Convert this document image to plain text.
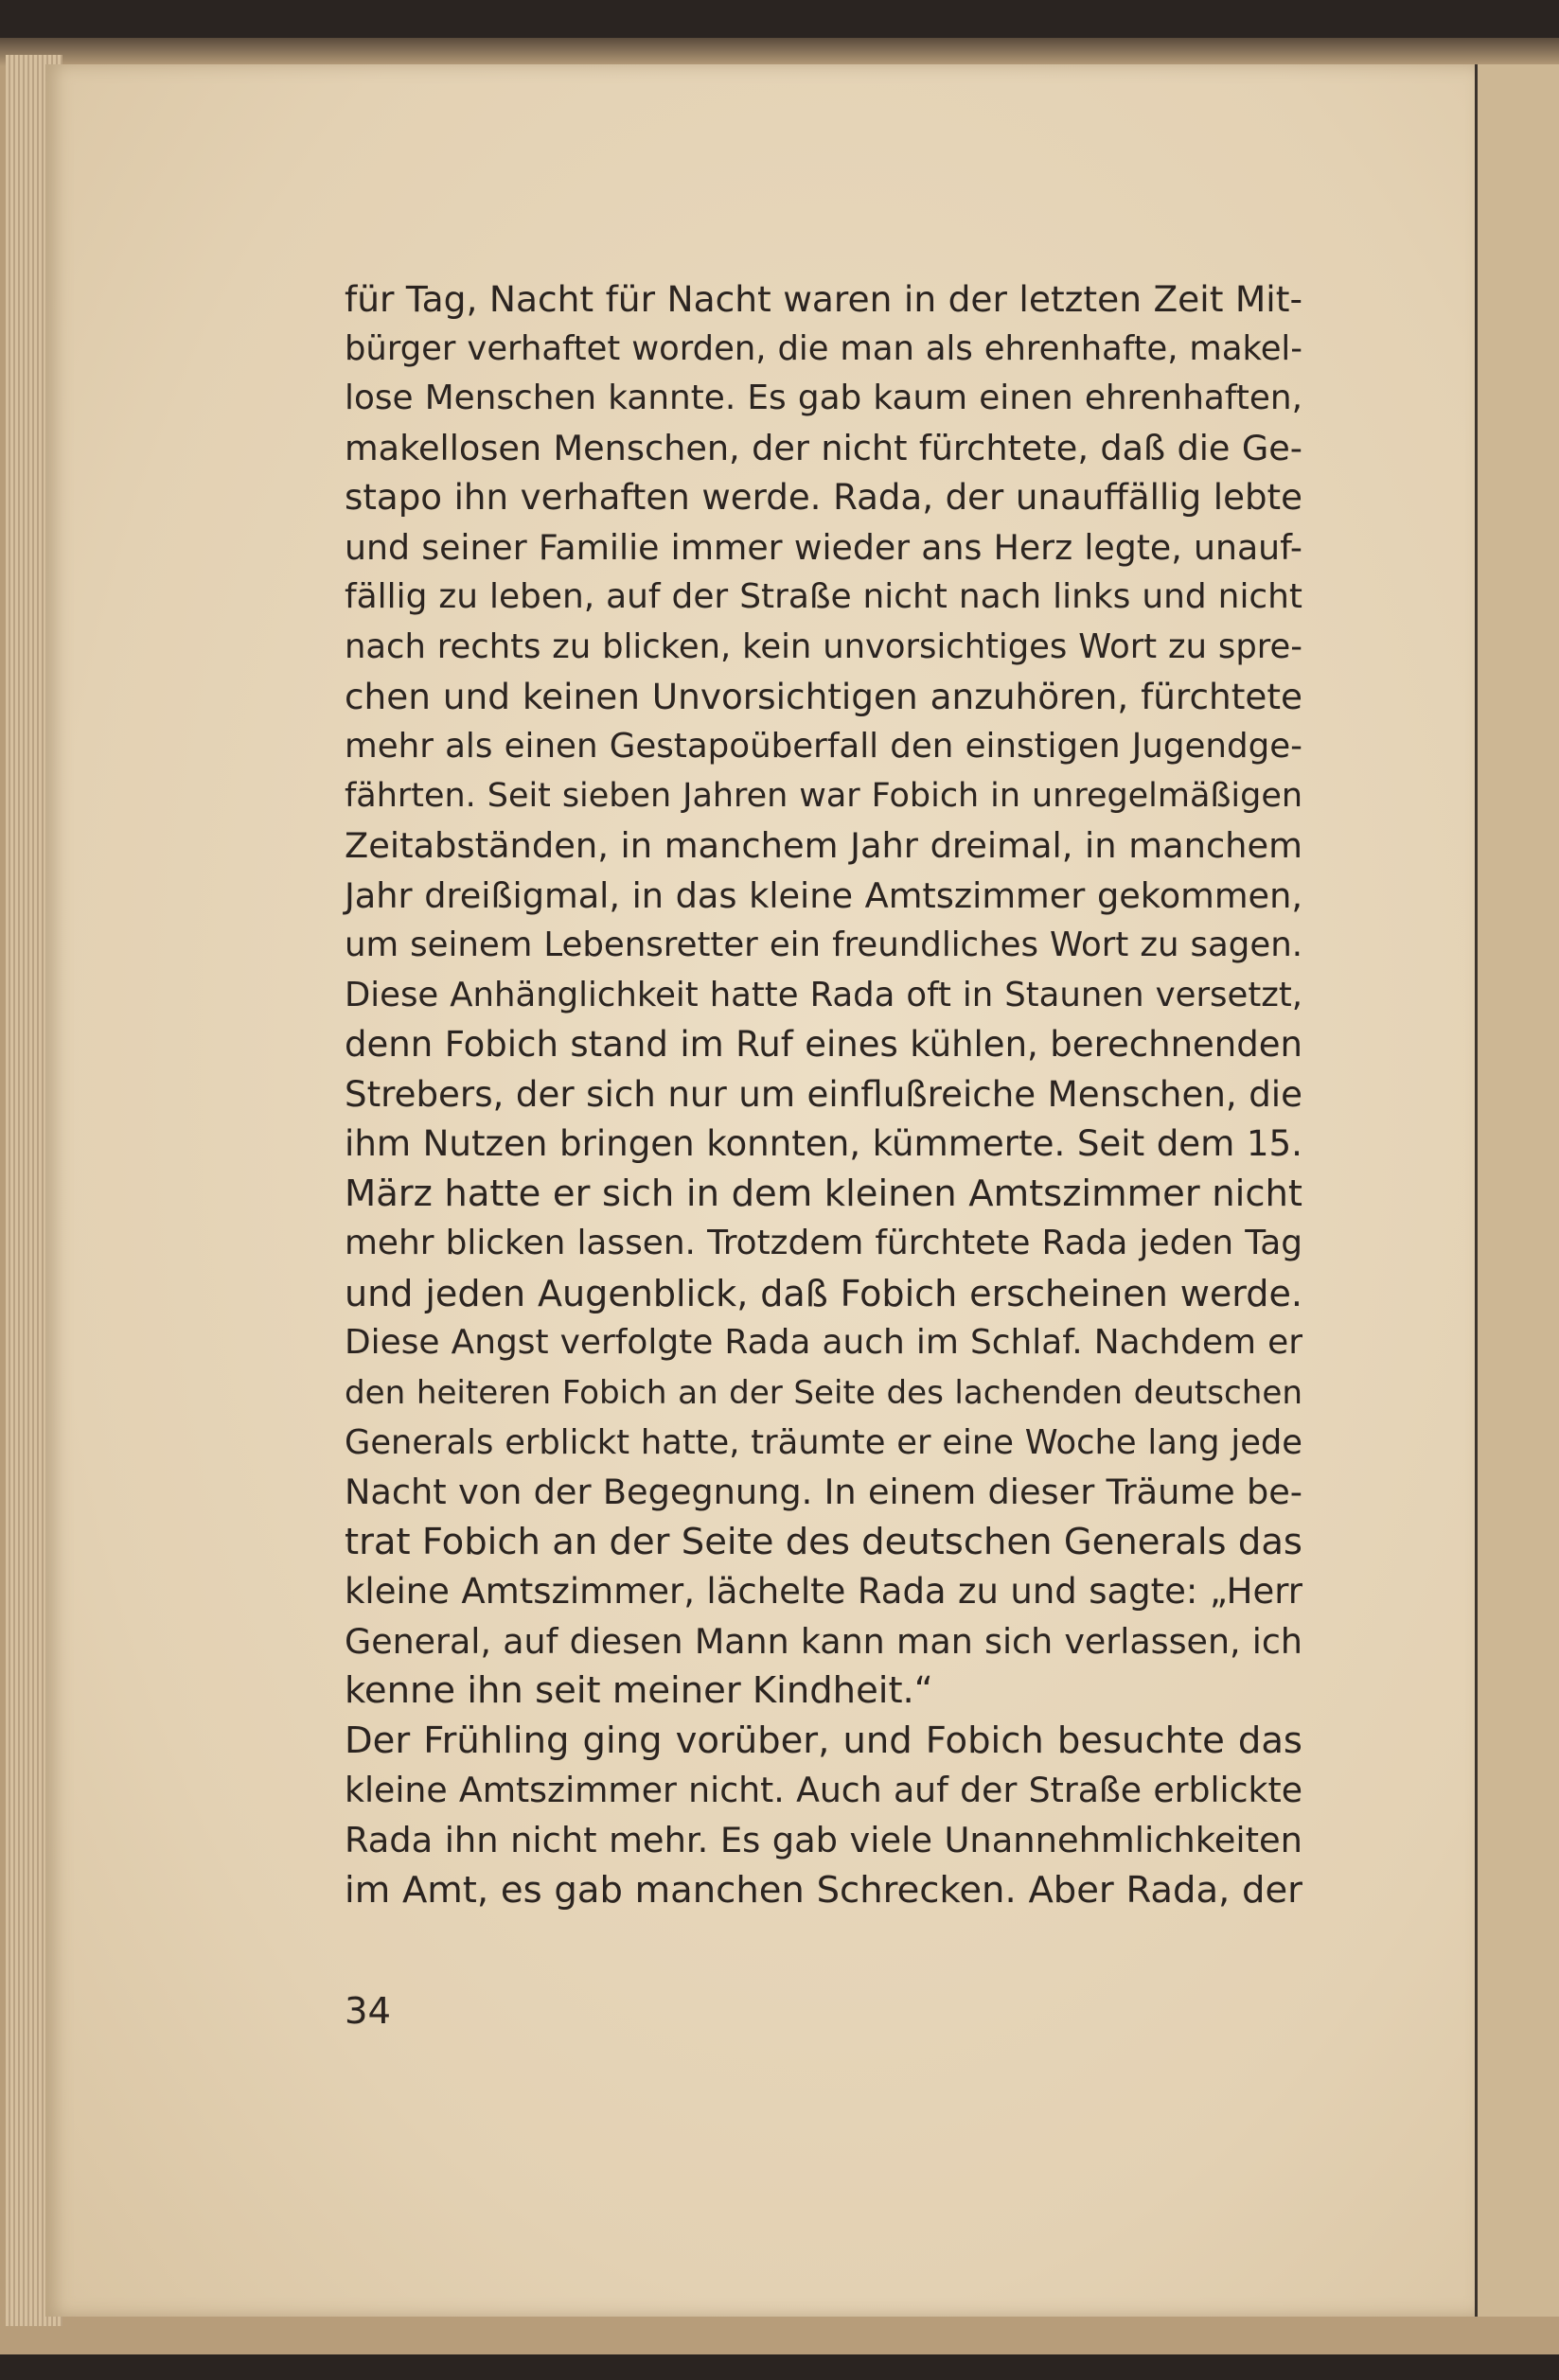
für Tag, Nacht für Nacht waren in der letzten Zeit Mit-
bürger verhaftet worden, die man als ehrenhafte, makel-
lose Menschen kannte. Es gab kaum einen ehrenhaften,
makellosen Menschen, der nicht fürchtete, daß die Ge-
stapo ihn verhaften werde. Rada, der unauffällig lebte
und seiner Familie immer wieder ans Herz legte, unauf-
fällig zu leben, auf der Straße nicht nach links und nicht
nach rechts zu blicken, kein unvorsichtiges Wort zu spre-
chen und keinen Unvorsichtigen anzuhören, fürchtete
mehr als einen Gestapoüberfall den einstigen Jugendge-
fährten. Seit sieben Jahren war Fobich in unregelmäßigen
Zeitabständen, in manchem Jahr dreimal, in manchem
Jahr dreißigmal, in das kleine Amtszimmer gekommen,
um seinem Lebensretter ein freundliches Wort zu sagen.
Diese Anhänglichkeit hatte Rada oft in Staunen versetzt,
denn Fobich stand im Ruf eines kühlen, berechnenden
Strebers, der sich nur um einflußreiche Menschen, die
ihm Nutzen bringen konnten, kümmerte. Seit dem 15.
März hatte er sich in dem kleinen Amtszimmer nicht
mehr blicken lassen. Trotzdem fürchtete Rada jeden Tag
und jeden Augenblick, daß Fobich erscheinen werde.
Diese Angst verfolgte Rada auch im Schlaf. Nachdem er
den heiteren Fobich an der Seite des lachenden deutschen
Generals erblickt hatte, träumte er eine Woche lang jede
Nacht von der Begegnung. In einem dieser Träume be-
trat Fobich an der Seite des deutschen Generals das
kleine Amtszimmer, lächelte Rada zu und sagte: „Herr
General, auf diesen Mann kann man sich verlassen, ich
kenne ihn seit meiner Kindheit.“
Der Frühling ging vorüber, und Fobich besuchte das
kleine Amtszimmer nicht. Auch auf der Straße erblickte
Rada ihn nicht mehr. Es gab viele Unannehmlichkeiten
im Amt, es gab manchen Schrecken. Aber Rada, der
34
